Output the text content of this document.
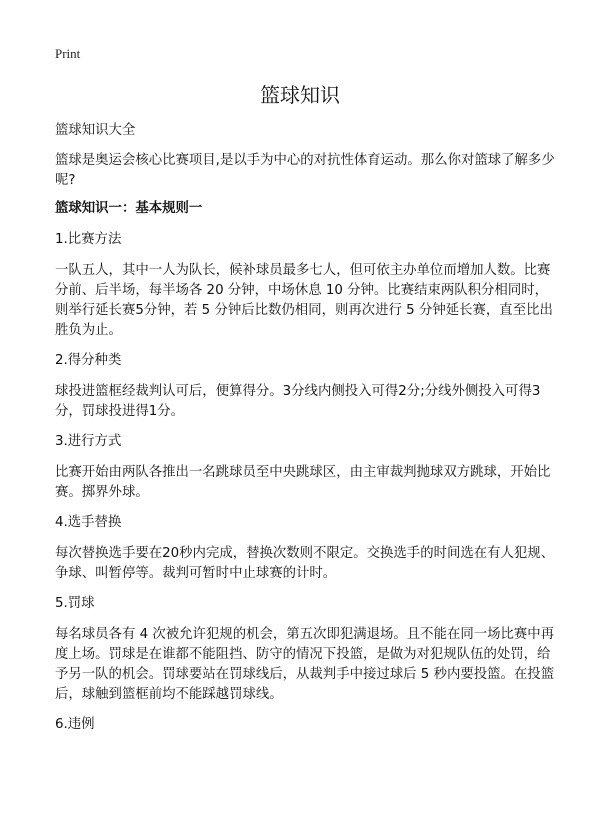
Print
篮球知识

篮球知识大全

篮球是奥运会核心比赛项目,是以手为中心的对抗性体育运动。那么你对篮球了解多少呢?

篮球知识一：基本规则一

1.比赛方法

一队五人，其中一人为队长，候补球员最多七人，但可依主办单位而增加人数。比赛分前、后半场，每半场各 20 分钟，中场休息 10 分钟。比赛结束两队积分相同时，则举行延长赛5分钟，若 5 分钟后比数仍相同，则再次进行 5 分钟延长赛，直至比出胜负为止。

2.得分种类

球投进篮框经裁判认可后，便算得分。3分线内侧投入可得2分;分线外侧投入可得3分，罚球投进得1分。

3.进行方式

比赛开始由两队各推出一名跳球员至中央跳球区，由主审裁判抛球双方跳球，开始比赛。掷界外球。

4.选手替换

每次替换选手要在20秒内完成，替换次数则不限定。交换选手的时间选在有人犯规、争球、叫暂停等。裁判可暂时中止球赛的计时。

5.罚球

每名球员各有 4 次被允许犯规的机会，第五次即犯满退场。且不能在同一场比赛中再度上场。罚球是在谁都不能阻挡、防守的情况下投篮，是做为对犯规队伍的处罚，给予另一队的机会。罚球要站在罚球线后，从裁判手中接过球后 5 秒内要投篮。在投篮后，球触到篮框前均不能踩越罚球线。

6.违例
